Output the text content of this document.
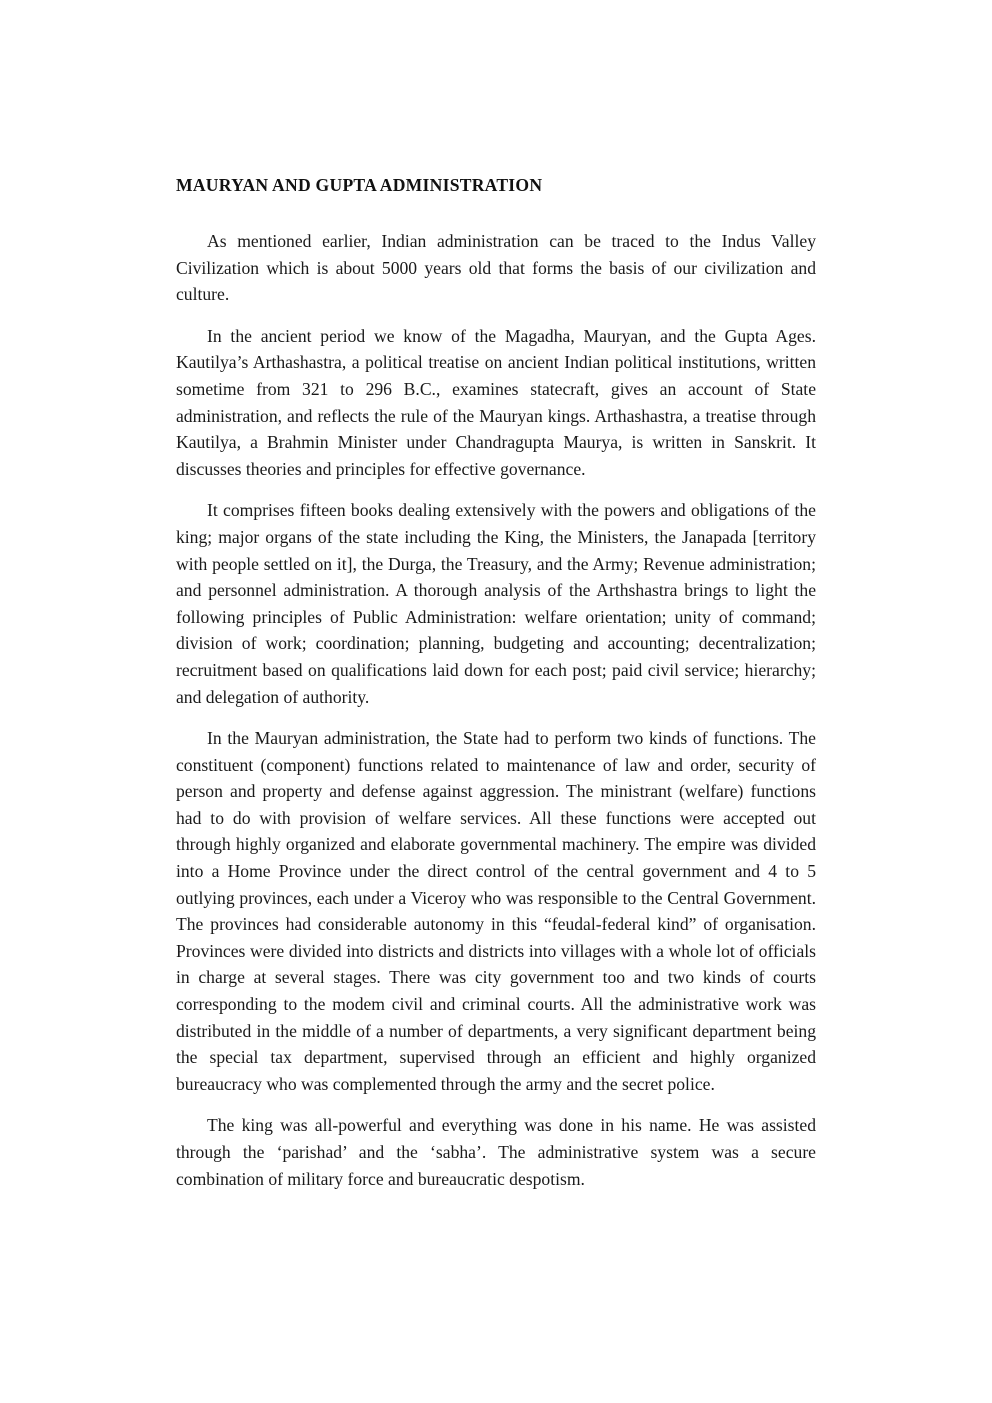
MAURYAN AND GUPTA ADMINISTRATION

As mentioned earlier, Indian administration can be traced to the Indus Valley Civilization which is about 5000 years old that forms the basis of our civilization and culture.

In the ancient period we know of the Magadha, Mauryan, and the Gupta Ages. Kautilya’s Arthashastra, a political treatise on ancient Indian political institutions, written sometime from 321 to 296 B.C., examines statecraft, gives an account of State administration, and reflects the rule of the Mauryan kings. Arthashastra, a treatise through Kautilya, a Brahmin Minister under Chandragupta Maurya, is written in Sanskrit. It discusses theories and principles for effective governance.

It comprises fifteen books dealing extensively with the powers and obligations of the king; major organs of the state including the King, the Ministers, the Janapada [territory with people settled on it], the Durga, the Treasury, and the Army; Revenue administration; and personnel administration. A thorough analysis of the Arthshastra brings to light the following principles of Public Administration: welfare orientation; unity of command; division of work; coordination; planning, budgeting and accounting; decentralization; recruitment based on qualifications laid down for each post; paid civil service; hierarchy; and delegation of authority.

In the Mauryan administration, the State had to perform two kinds of functions. The constituent (component) functions related to maintenance of law and order, security of person and property and defense against aggression. The ministrant (welfare) functions had to do with provision of welfare services. All these functions were accepted out through highly organized and elaborate governmental machinery. The empire was divided into a Home Province under the direct control of the central government and 4 to 5 outlying provinces, each under a Viceroy who was responsible to the Central Government. The provinces had considerable autonomy in this “feudal-federal kind” of organisation. Provinces were divided into districts and districts into villages with a whole lot of officials in charge at several stages. There was city government too and two kinds of courts corresponding to the modem civil and criminal courts. All the administrative work was distributed in the middle of a number of departments, a very significant department being the special tax department, supervised through an efficient and highly organized bureaucracy who was complemented through the army and the secret police.

The king was all-powerful and everything was done in his name. He was assisted through the ‘parishad’ and the ‘sabha’. The administrative system was a secure combination of military force and bureaucratic despotism.
